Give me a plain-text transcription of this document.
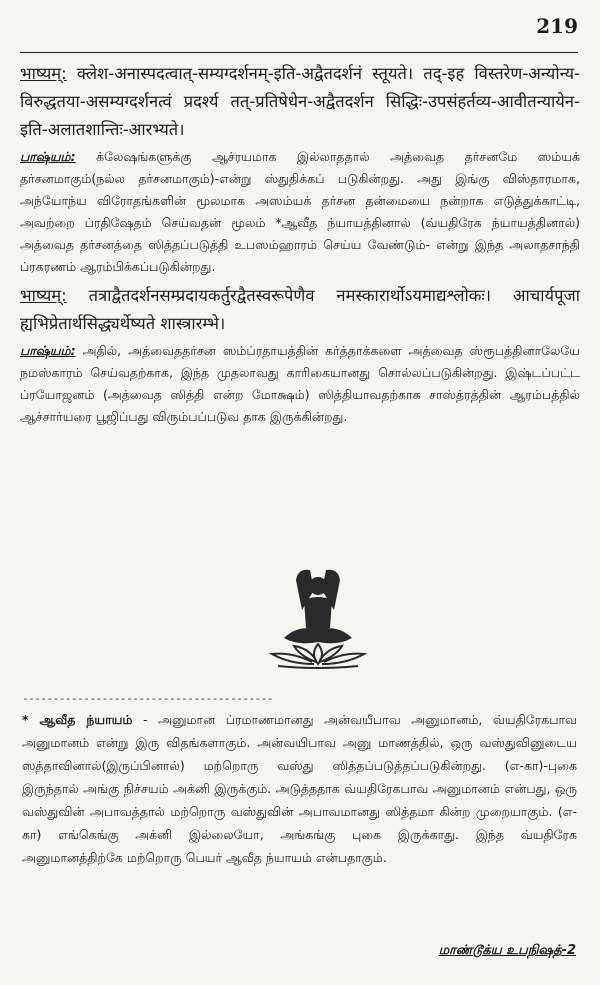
219

भाष्यम्: क्लेश-अनास्पदत्वात्-सम्यग्दर्शनम्-इति-अद्वैतदर्शनं स्तूयते। तद्-इह विस्तरेण-अन्योन्य-विरुद्धतया-असम्यग्दर्शनत्वं प्रदर्श्य तत्-प्रतिषेधेन-अद्वैतदर्शन सिद्धिः-उपसंहर्तव्य-आवीतन्यायेन-इति-अलातशान्तिः-आरभ्यते।

பாஷ்யம்: க்லேஷங்களுக்கு ஆச்ரயமாக இல்லாததால் அத்வைத தர்சனமே ஸம்யக் தர்சனமாகும்(நல்ல தர்சனமாகும்)-என்று ஸ்துதிக்கப் படுகின்றது. அது இங்கு விஸ்தாரமாக, அந்யோந்ய விரோதங்களின் மூலமாக அஸம்யக் தர்சன தன்மையை நன்றாக எடுத்துக்காட்டி, அவற்றை ப்ரதிஷேதம் செய்வதன் மூலம் *ஆவீத ந்யாயத்தினால் (வ்யதிரேக ந்யாயத்தினால்) அத்வைத தர்சனத்தை ஸித்தப்படுத்தி உபஸம்ஹாரம் செய்ய வேண்டும்- என்று இந்த அலாதசாந்தி ப்ரகரணம் ஆரம்பிக்கப்படுகின்றது.

भाष्यम्: तत्राद्वैतदर्शनसम्प्रदायकर्तुरद्वैतस्वरूपेणैव नमस्कारार्थोऽयमाद्यश्लोकः। आचार्यपूजा ह्यभिप्रेतार्थसिद्ध्यर्थेष्यते शास्त्रारम्भे।

பாஷ்யம்: அதில், அத்வைததர்சன ஸம்ப்ரதாயத்தின் கர்த்தாக்களை அத்வைத ஸ்ரூபத்தினாலேயே நமஸ்காரம் செய்வதற்காக, இந்த முதலாவது காரிகையானது சொல்லப்படுகின்றது. இஷ்டப்பட்ட ப்ரயோஜனம் (அத்வைத ஸித்தி என்ற மோக்ஷம்) ஸித்தியாவதற்காக சாஸ்த்ரத்தின் ஆரம்பத்தில் ஆச்சார்யரை பூஜிப்பது விரும்பப்படுவ தாக இருக்கின்றது.

-----------------------------------------

* ஆவீத ந்யாயம் - அனுமான ப்ரமாணமானது அன்வயீபாவ அனுமானம், வ்யதிரேகபாவ அனுமானம் என்று இரு விதங்களாகும். அன்வயிபாவ அனு மாணத்தில், ஒரு வஸ்துவினுடைய ஸத்தாவினால்(இருப்பினால்) மற்றொரு வஸ்து ஸித்தப்படுத்தப்படுகின்றது. (எ-கா)-புகை இருந்தால் அங்கு நிச்சயம் அக்னி இருக்கும். அடுத்ததாக வ்யதிரேகபாவ அனுமானம் என்பது, ஒரு வஸ்துவின் அபாவத்தால் மற்றொரு வஸ்துவின் அபாவமானது ஸித்தமா கின்ற முறையாகும். (எ-கா) எங்கெங்கு அக்னி இல்லையோ, அங்கங்கு புகை இருக்காது. இந்த வ்யதிரேக அனுமானத்திற்கே மற்றொரு பெயர் ஆவீத ந்யாயம் என்பதாகும்.

மாண்டூக்ய உபநிஷத்-2
